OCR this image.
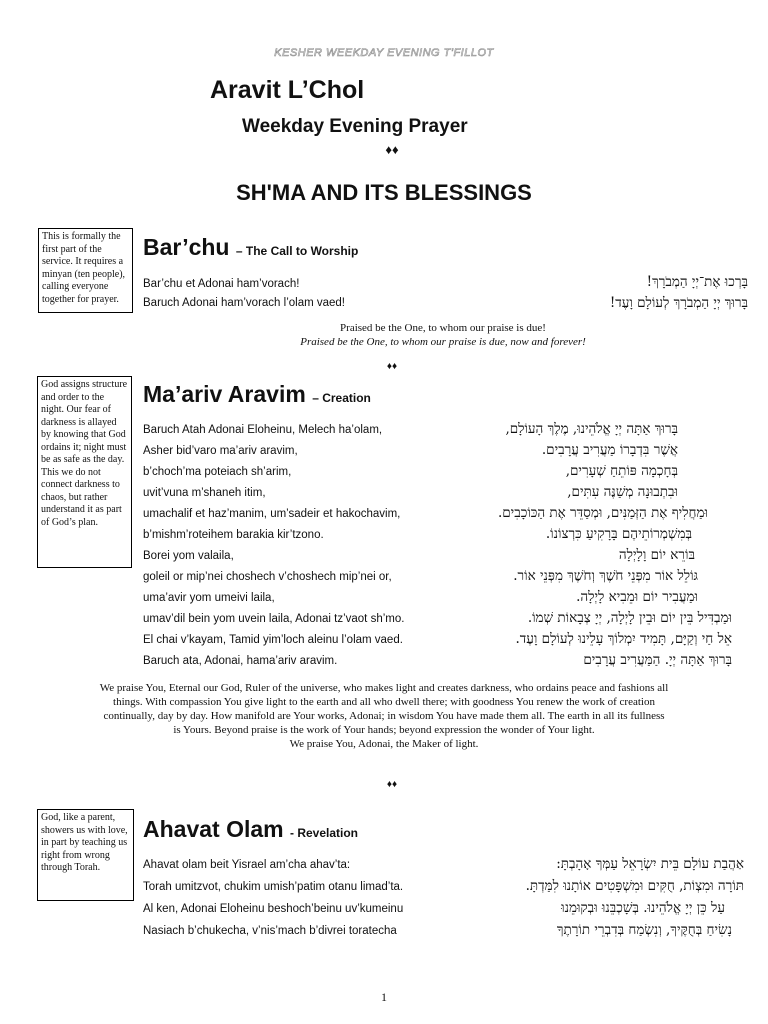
KESHER WEEKDAY EVENING T'FILLOT
Aravit L’Chol
Weekday Evening Prayer
♦♦
SH'MA AND ITS BLESSINGS
This is formally the first part of the service. It requires a minyan (ten people), calling everyone together for prayer.
Bar’chu – The Call to Worship
Bar’chu et Adonai ham’vorach!	בָּרְכוּ אֶת־יְיָ הַמְבֹרָךְ!
Baruch Adonai ham’vorach l’olam vaed!	בָּרוּךְ יְיָ הַמְבֹרָךְ לְעוֹלָם וָעֶד!
Praised be the One, to whom our praise is due!
Praised be the One, to whom our praise is due, now and forever!
♦♦
God assigns structure and order to the night. Our fear of darkness is allayed by knowing that God ordains it; night must be as safe as the day. This we do not connect darkness to chaos, but rather understand it as part of God’s plan.
Ma’ariv Aravim – Creation
Baruch Atah Adonai Eloheinu, Melech ha’olam,	בָּרוּךְ אַתָּה יְיָ אֱלֹהֵינוּ, מֶלֶךְ הָעוֹלָם,
Asher bid’varo ma’ariv aravim,	אֲשֶׁר בִּדְבָרוֹ מַעֲרִיב עֲרָבִים.
b’choch’ma poteiach sh’arim,	בְּחָכְמָה פּוֹתֵחַ שְׁעָרִים,
uvit’vuna m’shaneh itim,	וּבִתְבוּנָה מְשַׁנֶּה עִתִּים,
umachalif et haz’manim, um’sadeir et hakochavim,	וּמַחֲלִיף אֶת הַזְּמַנִּים, וּמְסַדֵּר אֶת הַכּוֹכָבִים.
b’mishm’roteihem barakia kir’tzono.	בְּמִשְׁמְרוֹתֵיהֶם בָּרָקִיעַ כִּרְצוֹנוֹ.
Borei yom valaila,	בּוֹרֵא יוֹם וָלָיְלָה
goleil or mip’nei choshech v’choshech mip’nei or,	גּוֹלֵל אוֹר מִפְּנֵי חֹשֶׁךְ וְחֹשֶׁךְ מִפְּנֵי אוֹר.
uma’avir yom umeivi laila,	וּמַעֲבִיר יוֹם וּמֵבִיא לָיְלָה.
umav’dil bein yom uvein laila, Adonai tz’vaot sh’mo.	וּמַבְדִּיל בֵּין יוֹם וּבֵין לָיְלָה, יְיָ צְבָאוֹת שְׁמוֹ.
El chai v’kayam, Tamid yim’loch aleinu l’olam vaed.	אֵל חַי וְקַיָּם, תָּמִיד יִמְלוֹךְ עָלֵינוּ לְעוֹלָם וָעֶד.
Baruch ata, Adonai, hama’ariv aravim.	בָּרוּךְ אַתָּה יְיָ. הַמַּעֲרִיב עֲרָבִים
We praise You, Eternal our God, Ruler of the universe, who makes light and creates darkness, who ordains peace and fashions all
things. With compassion You give light to the earth and all who dwell there; with goodness You renew the work of creation
continually, day by day. How manifold are Your works, Adonai; in wisdom You have made them all. The earth in all its fullness
is Yours. Beyond praise is the work of Your hands; beyond expression the wonder of Your light.
We praise You, Adonai, the Maker of light.
♦♦
God, like a parent, showers us with love, in part by teaching us right from wrong through Torah.
Ahavat Olam - Revelation
Ahavat olam beit Yisrael am’cha ahav’ta:	אַהֲבַת עוֹלָם בֵּית יִשְׂרָאֵל עַמְּךָ אָהָבְתָּ:
Torah umitzvot, chukim umish’patim otanu limad’ta.	תּוֹרָה וּמִצְוֹת, חֻקִּים וּמִשְׁפָּטִים אוֹתָנוּ לִמַּדְתָּ.
Al ken, Adonai Eloheinu beshoch’beinu uv’kumeinu	עַל כֵּן יְיָ אֱלֹהֵינוּ. בְּשָׁכְבֵּנוּ וּבְקוּמֵנוּ
Nasiach b’chukecha, v’nis’mach b’divrei toratecha	נָשִׂיחַ בְּחֻקֶּיךָ, וְנִשְׂמַח בְּדִבְרֵי תוֹרָתֶךָ
1
